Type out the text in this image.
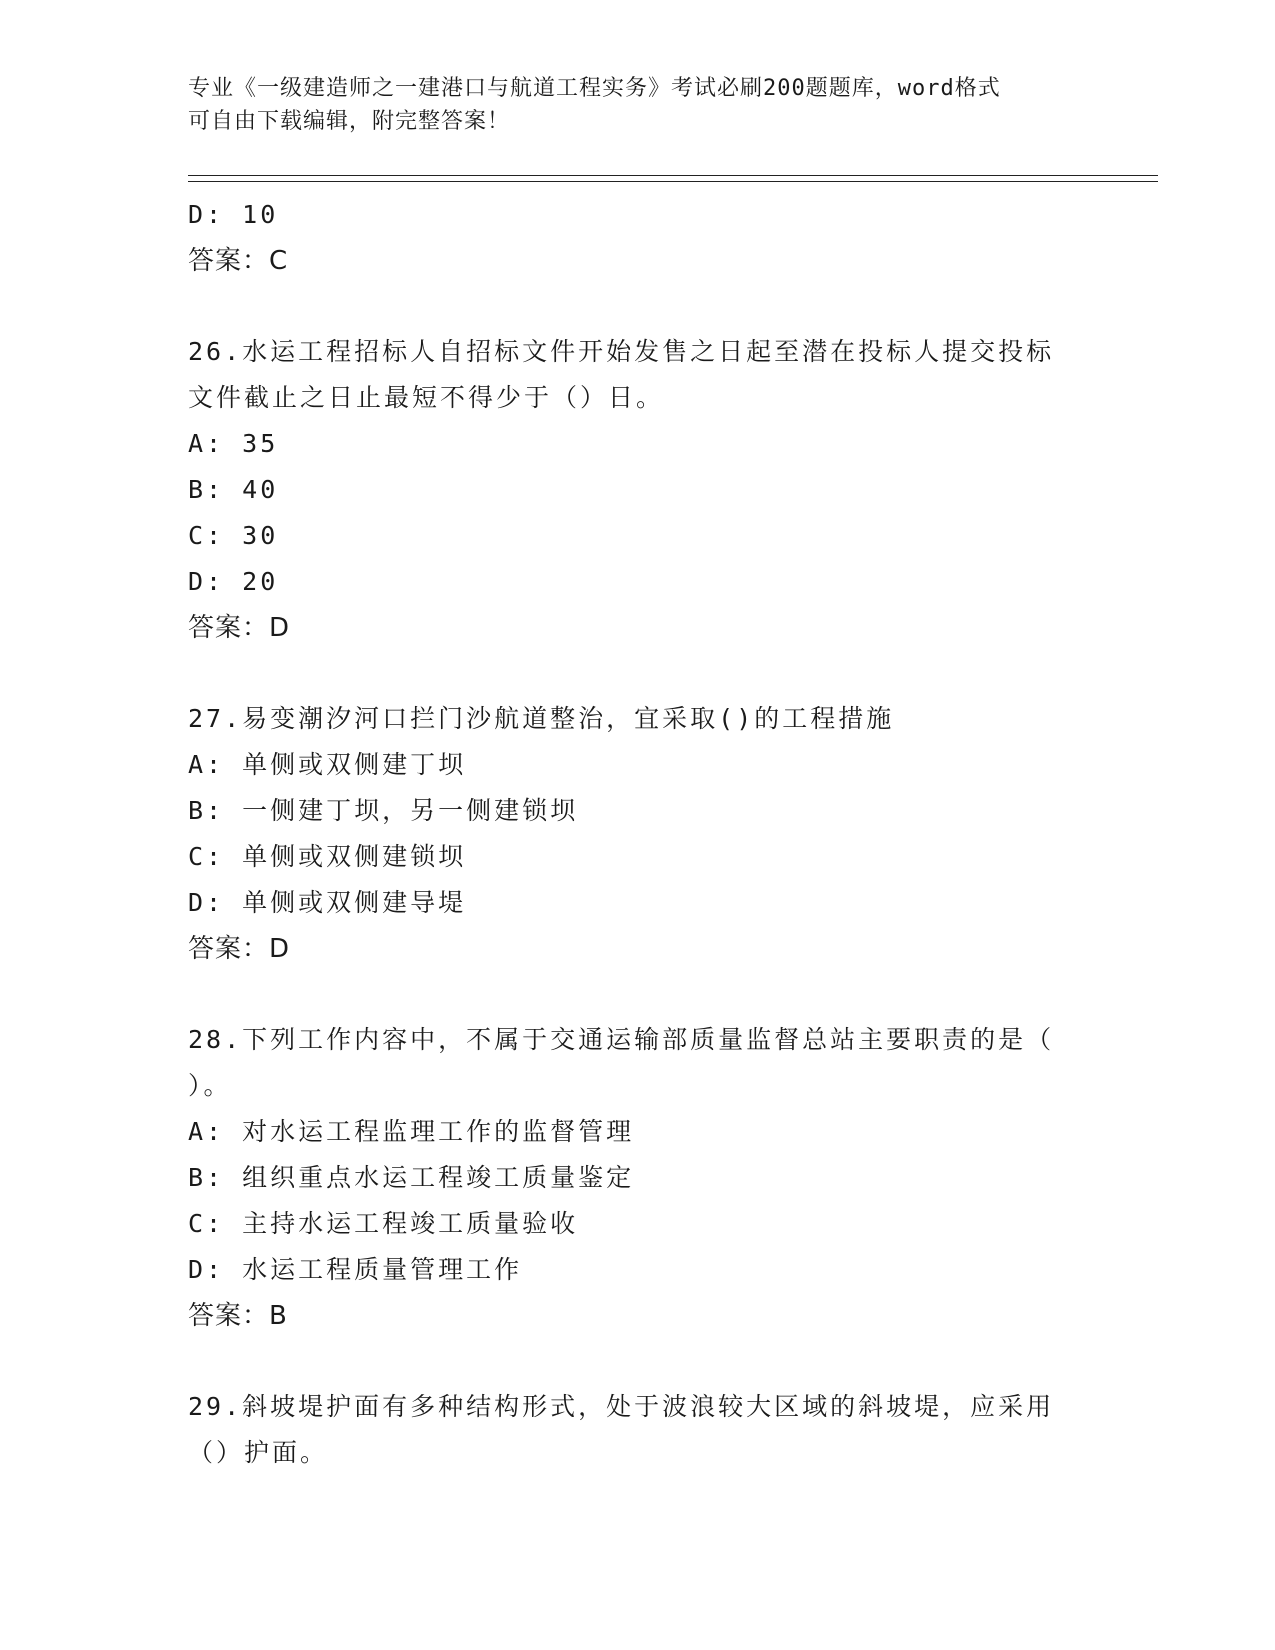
专业《一级建造师之一建港口与航道工程实务》考试必刷200题题库，word格式
可自由下载编辑，附完整答案！
D: 10
答案：C
26.水运工程招标人自招标文件开始发售之日起至潜在投标人提交投标
文件截止之日止最短不得少于（）日。
A: 35
B: 40
C: 30
D: 20
答案：D
27.易变潮汐河口拦门沙航道整治，宜采取()的工程措施
A: 单侧或双侧建丁坝
B: 一侧建丁坝，另一侧建锁坝
C: 单侧或双侧建锁坝
D: 单侧或双侧建导堤
答案：D
28.下列工作内容中，不属于交通运输部质量监督总站主要职责的是（
）。
A: 对水运工程监理工作的监督管理
B: 组织重点水运工程竣工质量鉴定
C: 主持水运工程竣工质量验收
D: 水运工程质量管理工作
答案：B
29.斜坡堤护面有多种结构形式，处于波浪较大区域的斜坡堤，应采用
（）护面。
